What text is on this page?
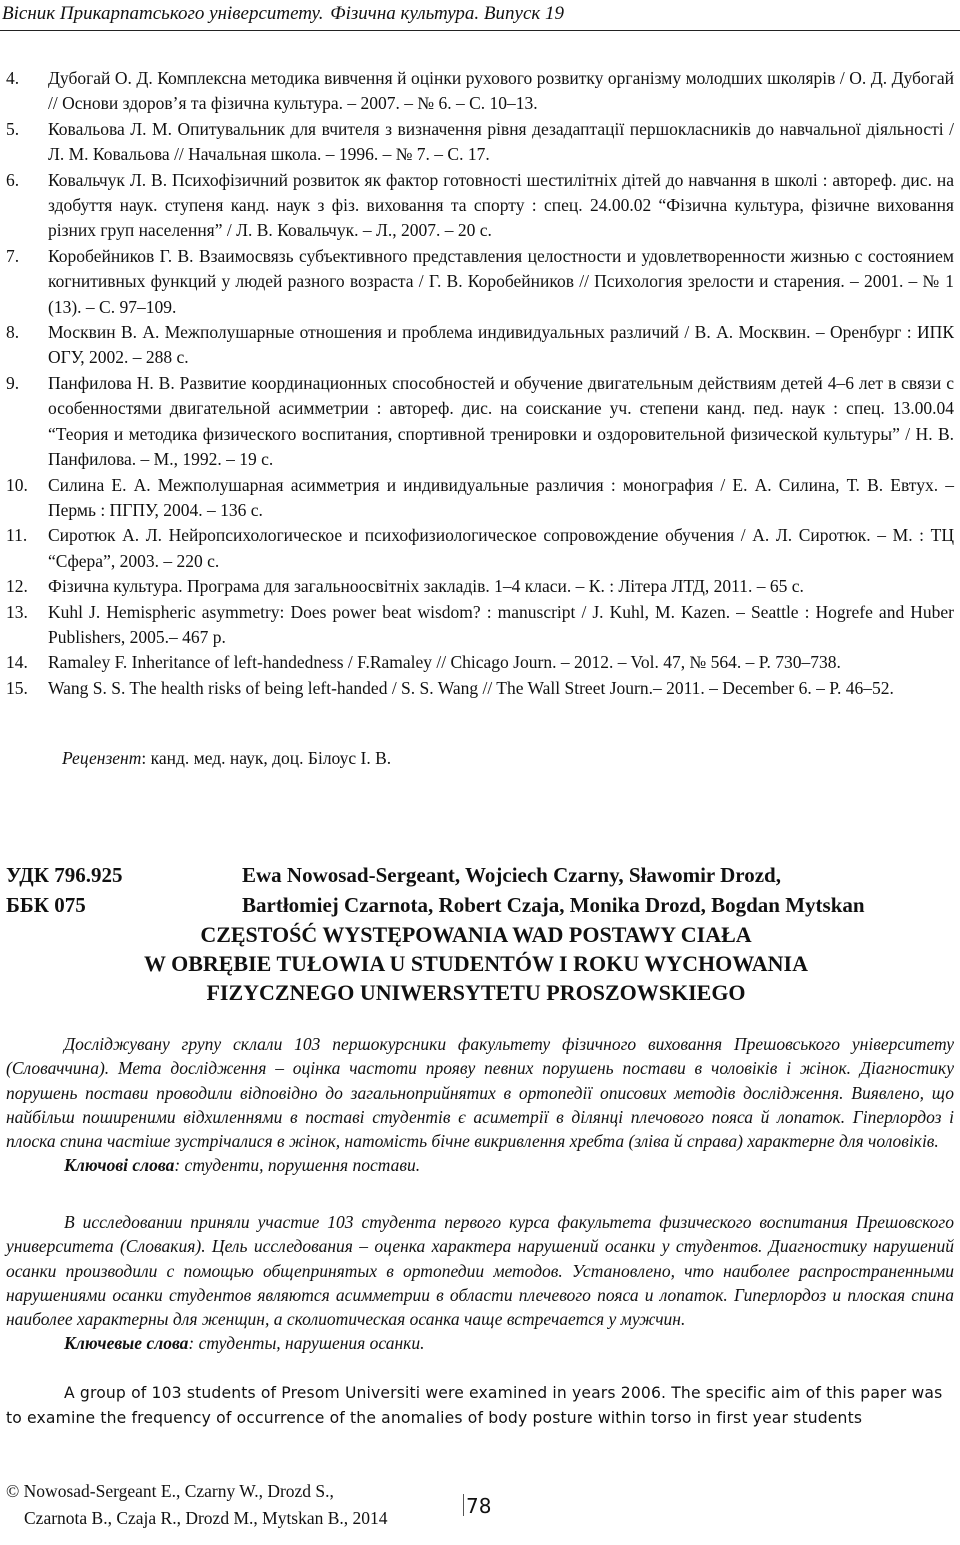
Вісник Прикарпатського університету. Фізична культура. Випуск 19
4.	Дубогай О. Д. Комплексна методика вивчення й оцінки рухового розвитку організму молодших школярів / О. Д. Дубогай // Основи здоровʼя та фізична культура. – 2007. – № 6. – С. 10–13.
5.	Ковальова Л. М. Опитувальник для вчителя з визначення рівня дезадаптації першокласників до навчальної діяльності / Л. М. Ковальова // Начальная школа. – 1996. – № 7. – С. 17.
6.	Ковальчук Л. В. Психофізичний розвиток як фактор готовності шестилітніх дітей до навчання в школі : автореф. дис. на здобуття наук. ступеня канд. наук з фіз. виховання та спорту : спец. 24.00.02 “Фізична культура, фізичне виховання різних груп населення” / Л. В. Ковальчук. – Л., 2007. – 20 с.
7.	Коробейников Г. В. Взаимосвязь субъективного представления целостности и удовлетворенности жизнью с состоянием когнитивных функций у людей разного возраста / Г. В. Коробейников // Психология зрелости и старения. – 2001. – № 1 (13). – С. 97–109.
8.	Москвин В. А. Межполушарные отношения и проблема индивидуальных различий / В. А. Москвин. – Оренбург : ИПК ОГУ, 2002. – 288 с.
9.	Панфилова Н. В. Развитие координационных способностей и обучение двигательным действиям детей 4–6 лет в связи с особенностями двигательной асимметрии : автореф. дис. на соискание уч. степени канд. пед. наук : спец. 13.00.04 “Теория и методика физического воспитания, спортивной тренировки и оздоровительной физической культуры” / Н. В. Панфилова. – М., 1992. – 19 с.
10.	Силина Е. А. Межполушарная асимметрия и индивидуальные различия : монография / Е. А. Силина, Т. В. Евтух. – Пермь : ПГПУ, 2004. – 136 с.
11.	Сиротюк А. Л. Нейропсихологическое и психофизиологическое сопровождение обучения / А. Л. Сиротюк. – М. : ТЦ “Сфера”, 2003. – 220 с.
12.	Фізична культура. Програма для загальноосвітніх закладів. 1–4 класи. – К. : Літера ЛТД, 2011. – 65 с.
13.	Kuhl J. Hemispheric asymmetry: Does power beat wisdom? : manuscript / J. Kuhl, M. Kazen. – Seattle : Hogrefe and Huber Publishers, 2005.– 467 p.
14.	Ramaley F. Inheritance of left-handedness / F.Ramaley // Chicago Journ. – 2012. – Vol. 47, № 564. – P. 730–738.
15.	Wang S. S. The health risks of being left-handed / S. S. Wang // The Wall Street Journ.– 2011. – December 6. – P. 46–52.
Рецензент: канд. мед. наук, доц. Білоус І. В.
УДК 796.925	Ewa Nowosad-Sergeant, Wojciech Czarny, Sławomir Drozd,
ББК 075	Bartłomiej Czarnota, Robert Czaja, Monika Drozd, Bogdan Mytskan
CZĘSTOŚĆ WYSTĘPOWANIA WAD POSTAWY CIAŁA
W OBRĘBIE TUŁOWIA U STUDENTÓW I ROKU WYCHOWANIA
FIZYCZNEGO UNIWERSYTETU PROSZOWSKIEGO

Досліджувану групу склали 103 першокурсники факультету фізичного виховання Прешовського університету (Словаччина). Мета дослідження – оцінка частоти прояву певних порушень постави в чоловіків і жінок. Діагностику порушень постави проводили відповідно до загальноприйнятих в ортопедії описових методів дослідження. Виявлено, що найбільш поширеними відхиленнями в поставі студентів є асиметрії в ділянці плечового пояса й лопаток. Гіперлордоз і плоска спина частіше зустрічалися в жінок, натомість бічне викривлення хребта (зліва й справа) характерне для чоловіків.

Ключові слова: студенти, порушення постави.

В исследовании приняли участие 103 студента первого курса факультета физического воспитания Прешовского университета (Словакия). Цель исследования – оценка характера нарушений осанки у студентов. Диагностику нарушений осанки производили с помощью общепринятых в ортопедии методов. Установлено, что наиболее распространенными нарушениями осанки студентов являются асимметрии в области плечевого пояса и лопаток. Гиперлордоз и плоская спина наиболее характерны для женщин, а сколиотическая осанка чаще встречается у мужчин.

Ключевые слова: студенты, нарушения осанки.

A group of 103 students of Presom Universiti were examined in years 2006. The specific aim of this paper was to examine the frequency of occurrence of the anomalies of body posture within torso in first year students

© Nowosad-Sergeant E., Czarny W., Drozd S.,
Czarnota B., Czaja R., Drozd M., Mytskan B., 2014	78
